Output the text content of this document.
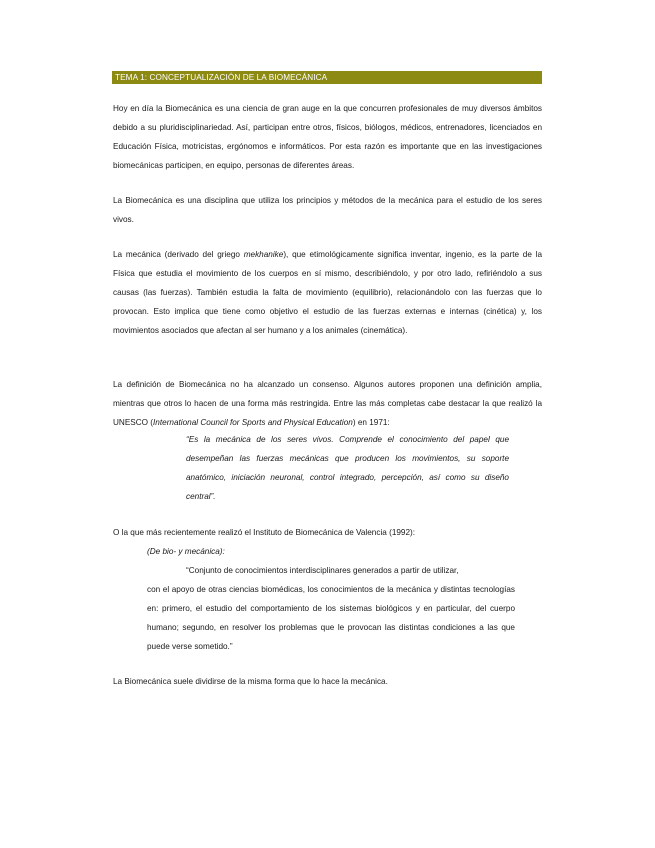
TEMA 1: CONCEPTUALIZACIÓN DE LA BIOMECÁNICA

Hoy en día la Biomecánica es una ciencia de gran auge en la que concurren profesionales de muy diversos ámbitos debido a su pluridisciplinariedad. Así, participan entre otros, físicos, biólogos, médicos, entrenadores, licenciados en Educación Física, motricistas, ergónomos e informáticos. Por esta razón es importante que en las investigaciones biomecánicas participen, en equipo, personas de diferentes áreas.

La Biomecánica es una disciplina que utiliza los principios y métodos de la mecánica para el estudio de los seres vivos.

La mecánica (derivado del griego mekhanike), que etimológicamente significa inventar, ingenio, es la parte de la Física que estudia el movimiento de los cuerpos en sí mismo, describiéndolo, y por otro lado, refiriéndolo a sus causas (las fuerzas). También estudia la falta de movimiento (equilibrio), relacionándolo con las fuerzas que lo provocan. Esto implica que tiene como objetivo el estudio de las fuerzas externas e internas (cinética) y, los movimientos asociados que afectan al ser humano y a los animales (cinemática).

La definición de Biomecánica no ha alcanzado un consenso. Algunos autores proponen una definición amplia, mientras que otros lo hacen de una forma más restringida. Entre las más completas cabe destacar la que realizó la UNESCO (International Council for Sports and Physical Education) en 1971:

“Es la mecánica de los seres vivos. Comprende el conocimiento del papel que desempeñan las fuerzas mecánicas que producen los movimientos, su soporte anatómico, iniciación neuronal, control integrado, percepción, así como su diseño central”.

O la que más recientemente realizó el Instituto de Biomecánica de Valencia (1992):

(De bio- y mecánica):

“Conjunto de conocimientos interdisciplinares generados a partir de utilizar,

con el apoyo de otras ciencias biomédicas, los conocimientos de la mecánica y distintas tecnologías en: primero, el estudio del comportamiento de los sistemas biológicos y en particular, del cuerpo humano; segundo, en resolver los problemas que le provocan las distintas condiciones a las que puede verse sometido.”

La Biomecánica suele dividirse de la misma forma que lo hace la mecánica.
